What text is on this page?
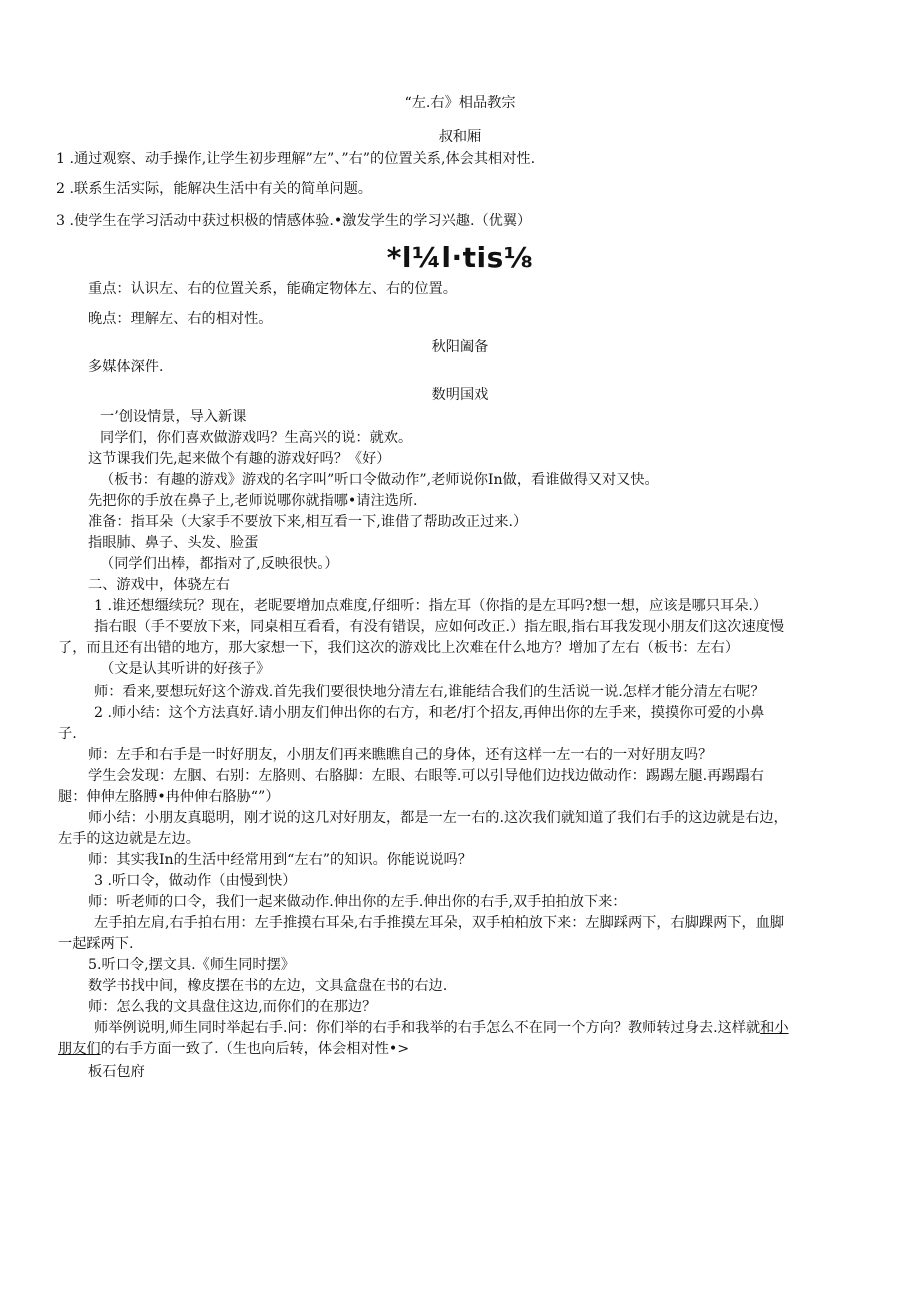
“左.右》相品教宗
叔和厢
1 .通过观察、动手操作,让学生初步理解”左”、”右”的位置关系,体会其相对性.
2 .联系生活实际，能解决生活中有关的简单问题。
3 .使学生在学习活动中获过枳极的情感体验.•激发学生的学习兴趣.（优翼）
*l¼l·tis⅛
重点：认识左、右的位置关系，能确定物体左、右的位置。
晚点：理解左、右的相对性。
秋阳阖备
多媒体深件.
数明国戏
一’创设情景，导入新课
同学们，你们喜欢做游戏吗？生高兴的说：就欢。
这节课我们先,起来做个有趣的游戏好吗？《好）
（板书：有趣的游戏》游戏的名字叫”听口令做动作”,老师说你In做，看谁做得又对又快。
先把你的手放在鼻子上,老师说哪你就指哪•请注选所.
准备：指耳朵（大家手不要放下来,相互看一下,谁借了帮助改正过来.）
指眼肺、鼻子、头发、脸蛋
（同学们出棒，都指对了,反映很快。）
二、游戏中，体骁左右
1 .谁还想缰续玩？现在，老昵要增加点难度,仔细听：指左耳（你指的是左耳吗?想一想，应该是哪只耳朵.）
指右眼（手不要放下来，同桌相互看看，有没有错误，应如何改正.）指左眼,指右耳我发现小朋友们这次速度慢
了，而且还有出错的地方，那大家想一下，我们这次的游戏比上次难在什么地方？增加了左右（板书：左右）
（文是认其听讲的好孩子》
师：看来,要想玩好这个游戏.首先我们要很快地分清左右,谁能结合我们的生活说一说.怎样才能分清左右呢？
2 .师小结：这个方法真好.请小朋友们伸出你的右方，和老/打个招友,再伸出你的左手来，摸摸你可爱的小鼻
子.
师：左手和右手是一时好朋友，小朋友们再来瞧瞧自己的身体，还有这样一左一右的一对好朋友吗？
学生会发现：左胭、右别：左胳则、右胳脚：左眼、右眼等.可以引导他们边找边做动作：踢踢左腿.再踢蹋右
腿：伸伸左胳膊•冉仲伸右胳胁“”）
师小结：小朋友真聪明，刚才说的这几对好朋友，都是一左一右的.这次我们就知道了我们右手的这边就是右边，
左手的这边就是左边。
师：其实我In的生活中经常用到“左右”的知识。你能说说吗？
3 .听口令，做动作（由慢到快）
师：听老师的口令，我们一起来做动作.伸出你的左手.伸出你的右手,双手拍拍放下来：
左手拍左肩,右手拍右用：左手推摸右耳朵,右手推摸左耳朵，双手柏柏放下来：左脚踩两下，右脚踝两下，血脚
一起踩两下.
5.听口令,摆文具.《师生同时摆》
数学书找中间，橡皮摆在书的左边，文具盒盘在书的右边.
师：怎么我的文具盘住这边,而你们的在那边？
师举例说明,师生同时举起右手.问：你们举的右手和我举的右手怎么不在同一个方向？教师转过身去.这样就和小
朋友们的右手方面一致了.（生也向后转，体会相对性•>
板石包府
